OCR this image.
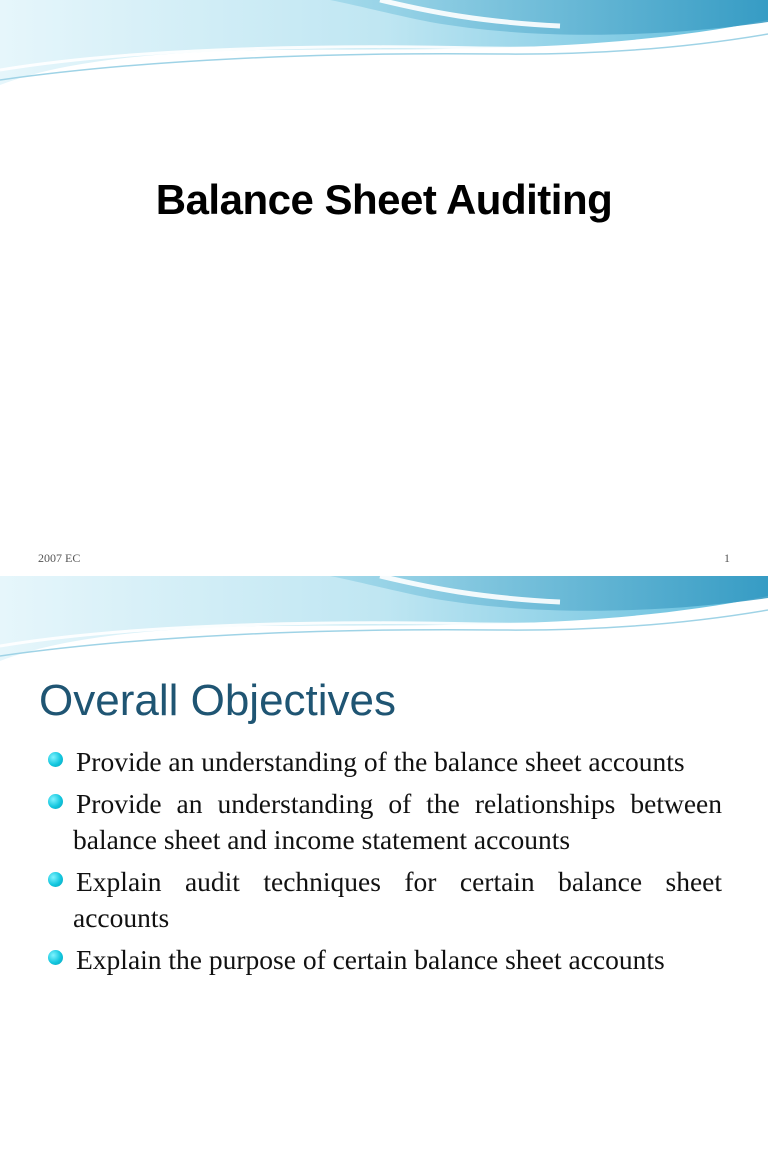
Balance Sheet Auditing
2007 EC	1
Overall Objectives
Provide an understanding of the balance sheet accounts
Provide an understanding of the relationships between balance sheet and income statement accounts
Explain audit techniques for certain balance sheet accounts
Explain the purpose of certain balance sheet accounts
